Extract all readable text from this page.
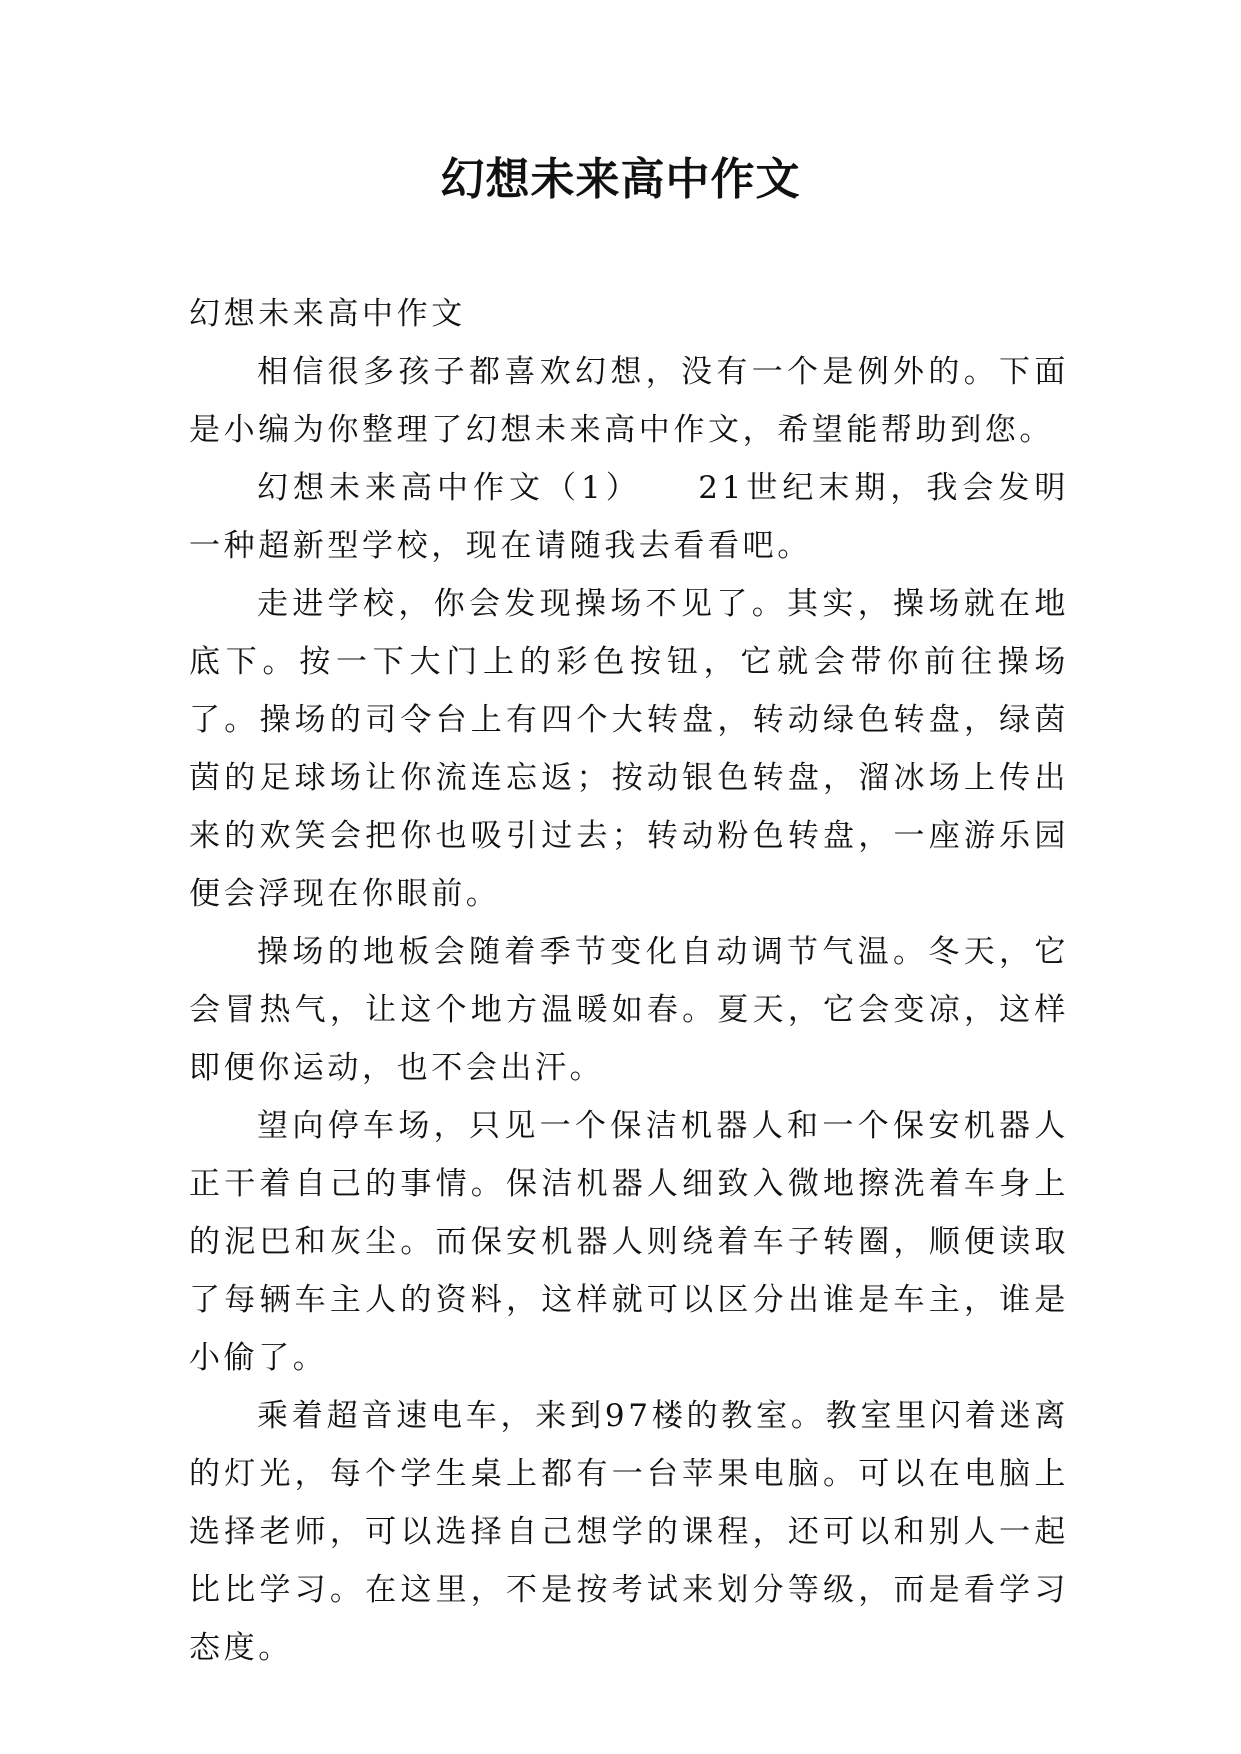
幻想未来高中作文

幻想未来高中作文

相信很多孩子都喜欢幻想，没有一个是例外的。下面是小编为你整理了幻想未来高中作文，希望能帮助到您。

幻想未来高中作文（1）　　21世纪末期，我会发明一种超新型学校，现在请随我去看看吧。

走进学校，你会发现操场不见了。其实，操场就在地底下。按一下大门上的彩色按钮，它就会带你前往操场了。操场的司令台上有四个大转盘，转动绿色转盘，绿茵茵的足球场让你流连忘返；按动银色转盘，溜冰场上传出来的欢笑会把你也吸引过去；转动粉色转盘，一座游乐园便会浮现在你眼前。

操场的地板会随着季节变化自动调节气温。冬天，它会冒热气，让这个地方温暖如春。夏天，它会变凉，这样即便你运动，也不会出汗。

望向停车场，只见一个保洁机器人和一个保安机器人正干着自己的事情。保洁机器人细致入微地擦洗着车身上的泥巴和灰尘。而保安机器人则绕着车子转圈，顺便读取了每辆车主人的资料，这样就可以区分出谁是车主，谁是小偷了。

乘着超音速电车，来到97楼的教室。教室里闪着迷离的灯光，每个学生桌上都有一台苹果电脑。可以在电脑上选择老师，可以选择自己想学的课程，还可以和别人一起比比学习。在这里，不是按考试来划分等级，而是看学习态度。
